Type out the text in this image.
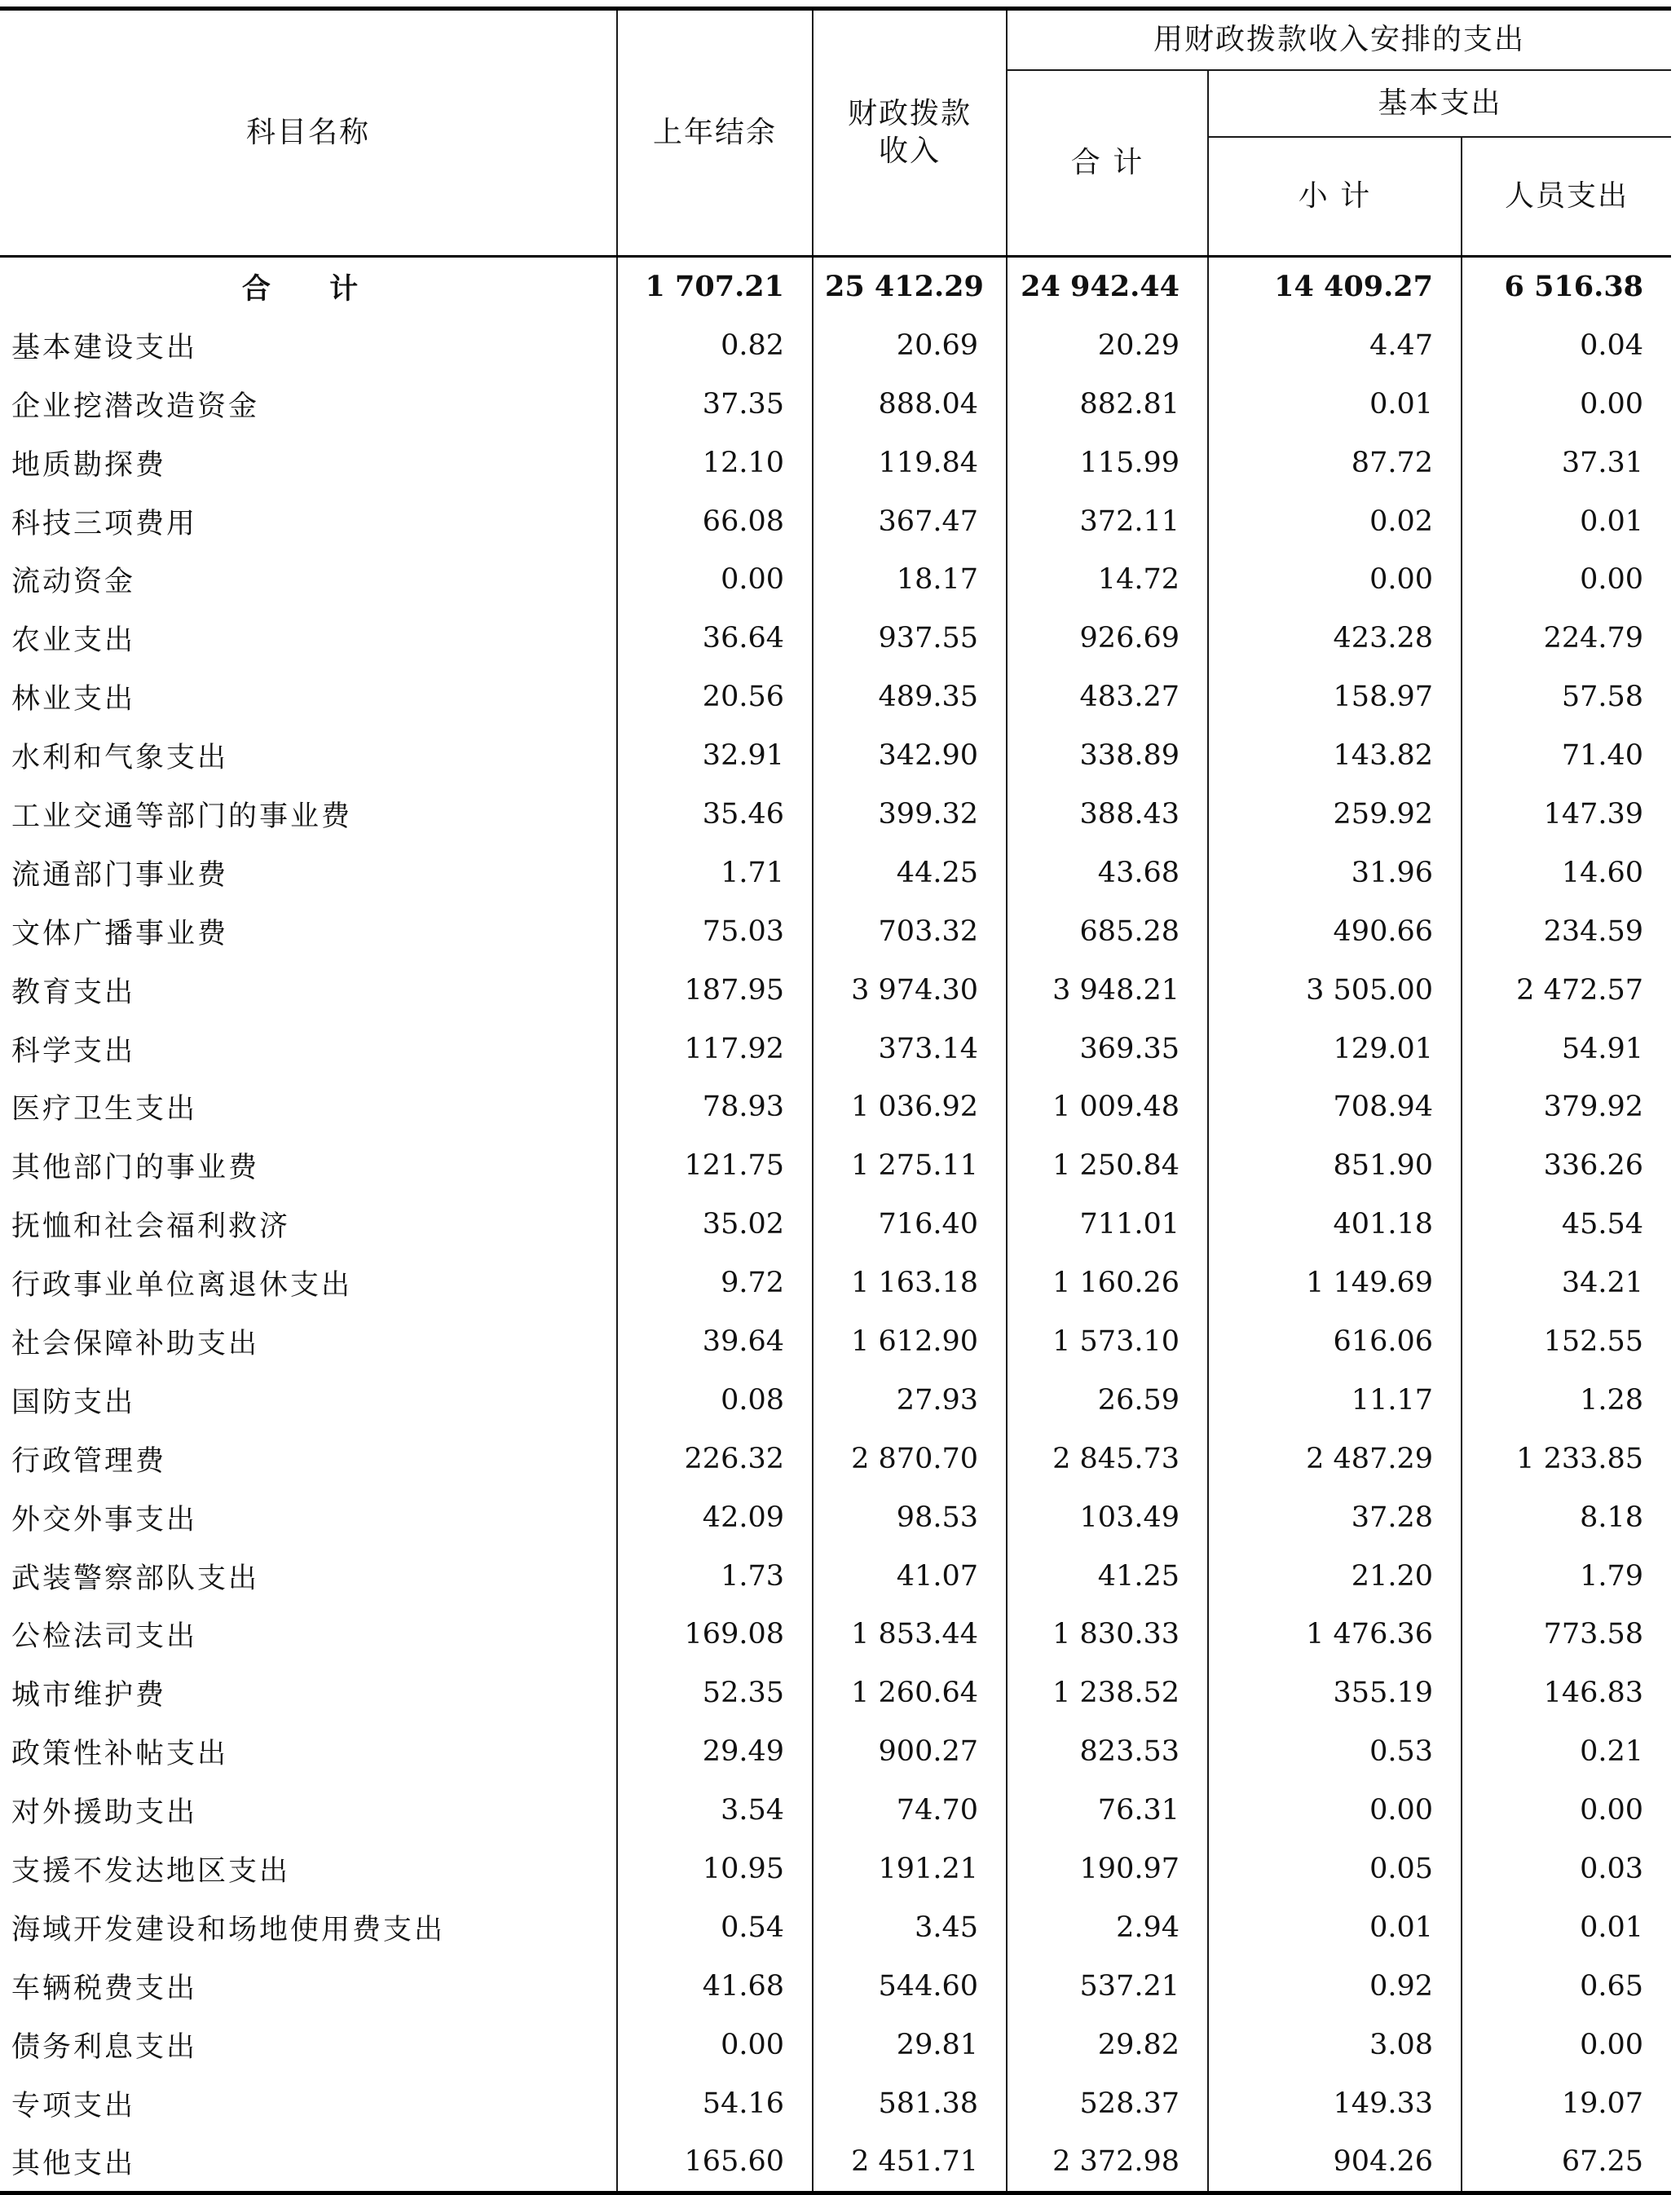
科目名称	上年结余	财政拨款
收入	用财政拨款收入安排的支出		
			合 计	基本支出	
				小 计	人员支出
合 计	1 707.21	25 412.29	24 942.44	14 409.27	6 516.38
基本建设支出	0.82	20.69	20.29	4.47	0.04
企业挖潜改造资金	37.35	888.04	882.81	0.01	0.00
地质勘探费	12.10	119.84	115.99	87.72	37.31
科技三项费用	66.08	367.47	372.11	0.02	0.01
流动资金	0.00	18.17	14.72	0.00	0.00
农业支出	36.64	937.55	926.69	423.28	224.79
林业支出	20.56	489.35	483.27	158.97	57.58
水利和气象支出	32.91	342.90	338.89	143.82	71.40
工业交通等部门的事业费	35.46	399.32	388.43	259.92	147.39
流通部门事业费	1.71	44.25	43.68	31.96	14.60
文体广播事业费	75.03	703.32	685.28	490.66	234.59
教育支出	187.95	3 974.30	3 948.21	3 505.00	2 472.57
科学支出	117.92	373.14	369.35	129.01	54.91
医疗卫生支出	78.93	1 036.92	1 009.48	708.94	379.92
其他部门的事业费	121.75	1 275.11	1 250.84	851.90	336.26
抚恤和社会福利救济	35.02	716.40	711.01	401.18	45.54
行政事业单位离退休支出	9.72	1 163.18	1 160.26	1 149.69	34.21
社会保障补助支出	39.64	1 612.90	1 573.10	616.06	152.55
国防支出	0.08	27.93	26.59	11.17	1.28
行政管理费	226.32	2 870.70	2 845.73	2 487.29	1 233.85
外交外事支出	42.09	98.53	103.49	37.28	8.18
武装警察部队支出	1.73	41.07	41.25	21.20	1.79
公检法司支出	169.08	1 853.44	1 830.33	1 476.36	773.58
城市维护费	52.35	1 260.64	1 238.52	355.19	146.83
政策性补帖支出	29.49	900.27	823.53	0.53	0.21
对外援助支出	3.54	74.70	76.31	0.00	0.00
支援不发达地区支出	10.95	191.21	190.97	0.05	0.03
海域开发建设和场地使用费支出	0.54	3.45	2.94	0.01	0.01
车辆税费支出	41.68	544.60	537.21	0.92	0.65
债务利息支出	0.00	29.81	29.82	3.08	0.00
专项支出	54.16	581.38	528.37	149.33	19.07
其他支出	165.60	2 451.71	2 372.98	904.26	67.25
